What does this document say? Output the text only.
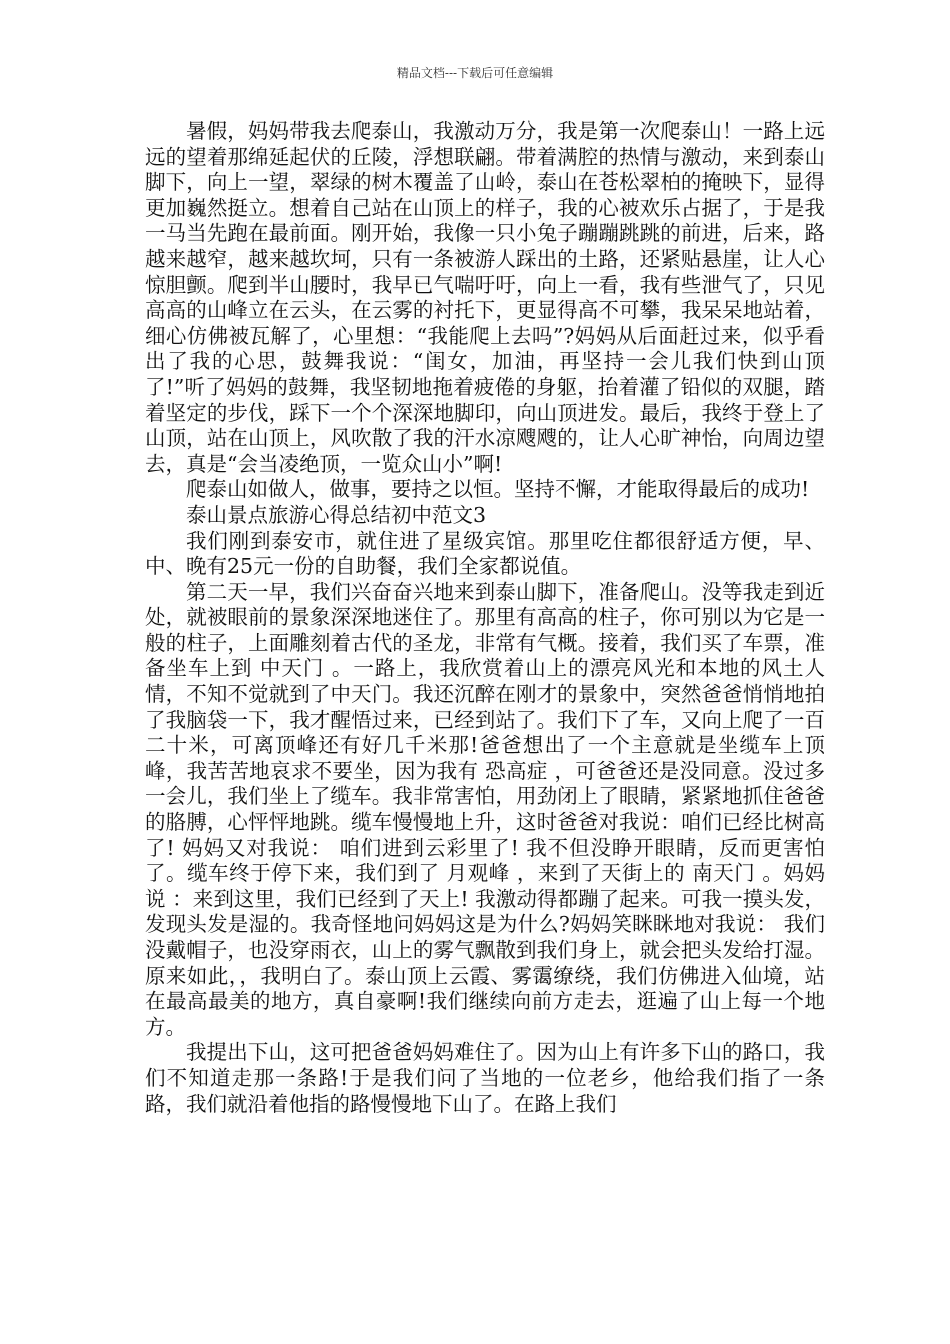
精品文档---下载后可任意编辑

暑假，妈妈带我去爬泰山，我激动万分，我是第一次爬泰山！一路上远远的望着那绵延起伏的丘陵，浮想联翩。带着满腔的热情与激动，来到泰山脚下，向上一望，翠绿的树木覆盖了山岭，泰山在苍松翠柏的掩映下，显得更加巍然挺立。想着自己站在山顶上的样子，我的心被欢乐占据了，于是我一马当先跑在最前面。刚开始，我像一只小兔子蹦蹦跳跳的前进，后来，路越来越窄，越来越坎坷，只有一条被游人踩出的土路，还紧贴悬崖，让人心惊胆颤。爬到半山腰时，我早已气喘吁吁，向上一看，我有些泄气了，只见高高的山峰立在云头，在云雾的衬托下，更显得高不可攀，我呆呆地站着，细心仿佛被瓦解了，心里想：“我能爬上去吗”?妈妈从后面赶过来，似乎看出了我的心思，鼓舞我说：“闺女，加油，再坚持一会儿我们快到山顶了!”听了妈妈的鼓舞，我坚韧地拖着疲倦的身躯，抬着灌了铅似的双腿，踏着坚定的步伐，踩下一个个深深地脚印，向山顶进发。最后，我终于登上了山顶，站在山顶上，风吹散了我的汗水凉飕飕的，让人心旷神怡，向周边望去，真是“会当凌绝顶，一览众山小”啊!

爬泰山如做人，做事，要持之以恒。坚持不懈，才能取得最后的成功!

泰山景点旅游心得总结初中范文3

我们刚到泰安市，就住进了星级宾馆。那里吃住都很舒适方便，早、中、晚有25元一份的自助餐，我们全家都说值。

第二天一早，我们兴奋奋兴地来到泰山脚下，准备爬山。没等我走到近处，就被眼前的景象深深地迷住了。那里有高高的柱子，你可别以为它是一般的柱子，上面雕刻着古代的圣龙，非常有气概。接着，我们买了车票，准备坐车上到 中天门 。一路上，我欣赏着山上的漂亮风光和本地的风土人情，不知不觉就到了中天门。我还沉醉在刚才的景象中，突然爸爸悄悄地拍了我脑袋一下，我才醒悟过来，已经到站了。我们下了车，又向上爬了一百二十米，可离顶峰还有好几千米那!爸爸想出了一个主意就是坐缆车上顶峰，我苦苦地哀求不要坐，因为我有 恐高症 ，可爸爸还是没同意。没过多一会儿，我们坐上了缆车。我非常害怕，用劲闭上了眼睛，紧紧地抓住爸爸的胳膊，心怦怦地跳。缆车慢慢地上升，这时爸爸对我说：咱们已经比树高了! 妈妈又对我说： 咱们进到云彩里了! 我不但没睁开眼睛，反而更害怕了。缆车终于停下来，我们到了 月观峰 ，来到了天街上的 南天门 。妈妈说 ：来到这里，我们已经到了天上! 我激动得都蹦了起来。可我一摸头发，发现头发是湿的。我奇怪地问妈妈这是为什么?妈妈笑眯眯地对我说： 我们没戴帽子，也没穿雨衣，山上的雾气飘散到我们身上，就会把头发给打湿。 原来如此，，我明白了。泰山顶上云霞、雾霭缭绕，我们仿佛进入仙境，站在最高最美的地方，真自豪啊!我们继续向前方走去，逛遍了山上每一个地方。

我提出下山，这可把爸爸妈妈难住了。因为山上有许多下山的路口，我们不知道走那一条路!于是我们问了当地的一位老乡，他给我们指了一条路，我们就沿着他指的路慢慢地下山了。在路上我们
